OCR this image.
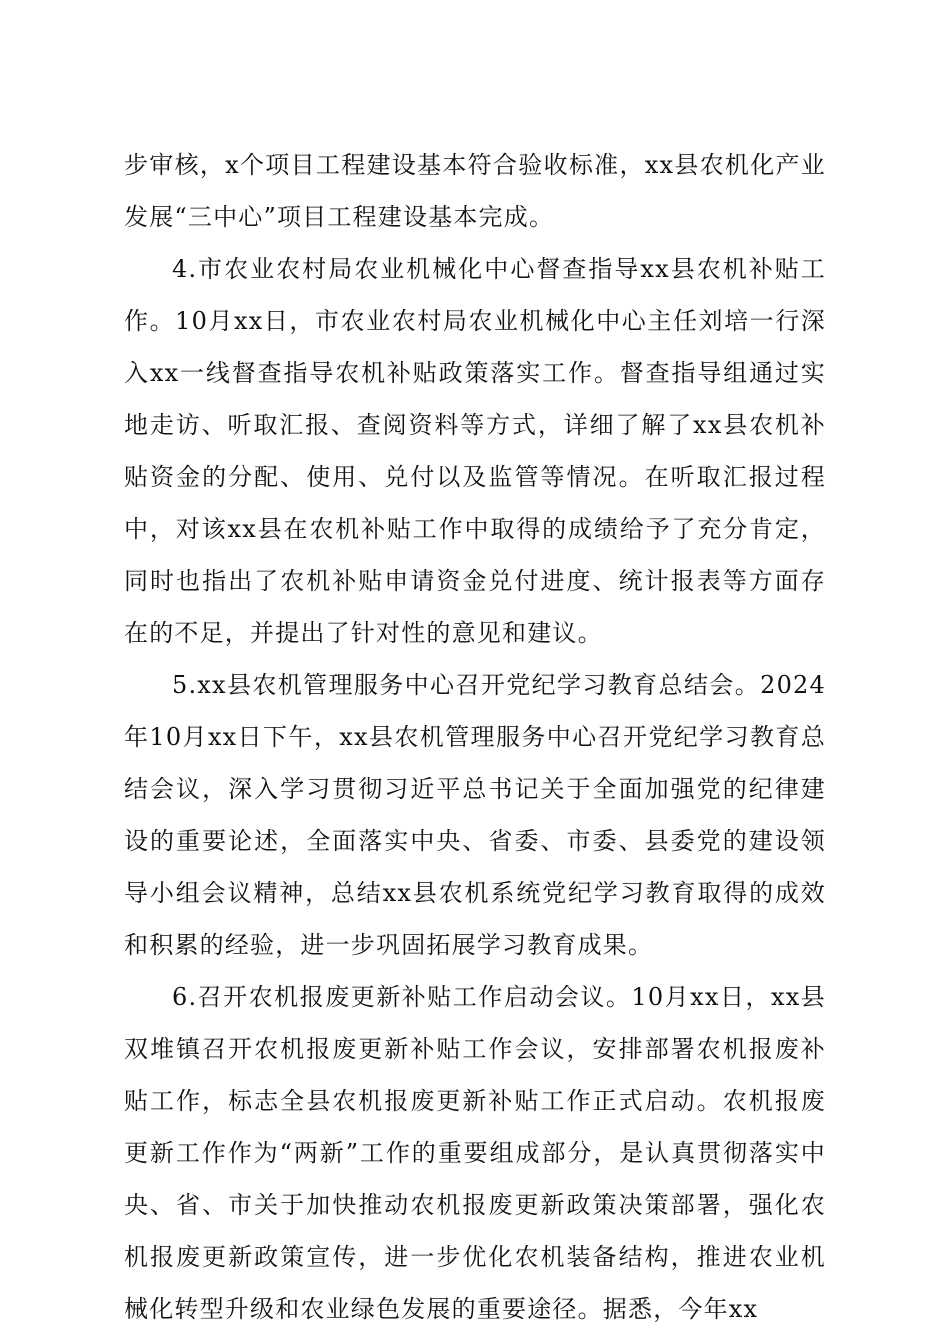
步审核，x个项目工程建设基本符合验收标准，xx县农机化产业发展“三中心”项目工程建设基本完成。

4.市农业农村局农业机械化中心督查指导xx县农机补贴工作。10月xx日，市农业农村局农业机械化中心主任刘培一行深入xx一线督查指导农机补贴政策落实工作。督查指导组通过实地走访、听取汇报、查阅资料等方式，详细了解了xx县农机补贴资金的分配、使用、兑付以及监管等情况。在听取汇报过程中，对该xx县在农机补贴工作中取得的成绩给予了充分肯定，同时也指出了农机补贴申请资金兑付进度、统计报表等方面存在的不足，并提出了针对性的意见和建议。

5.xx县农机管理服务中心召开党纪学习教育总结会。2024年10月xx日下午，xx县农机管理服务中心召开党纪学习教育总结会议，深入学习贯彻习近平总书记关于全面加强党的纪律建设的重要论述，全面落实中央、省委、市委、县委党的建设领导小组会议精神，总结xx县农机系统党纪学习教育取得的成效和积累的经验，进一步巩固拓展学习教育成果。

6.召开农机报废更新补贴工作启动会议。10月xx日，xx县双堆镇召开农机报废更新补贴工作会议，安排部署农机报废补贴工作，标志全县农机报废更新补贴工作正式启动。农机报废更新工作作为“两新”工作的重要组成部分，是认真贯彻落实中央、省、市关于加快推动农机报废更新政策决策部署，强化农机报废更新政策宣传，进一步优化农机装备结构，推进农业机械化转型升级和农业绿色发展的重要途径。据悉，今年xx
